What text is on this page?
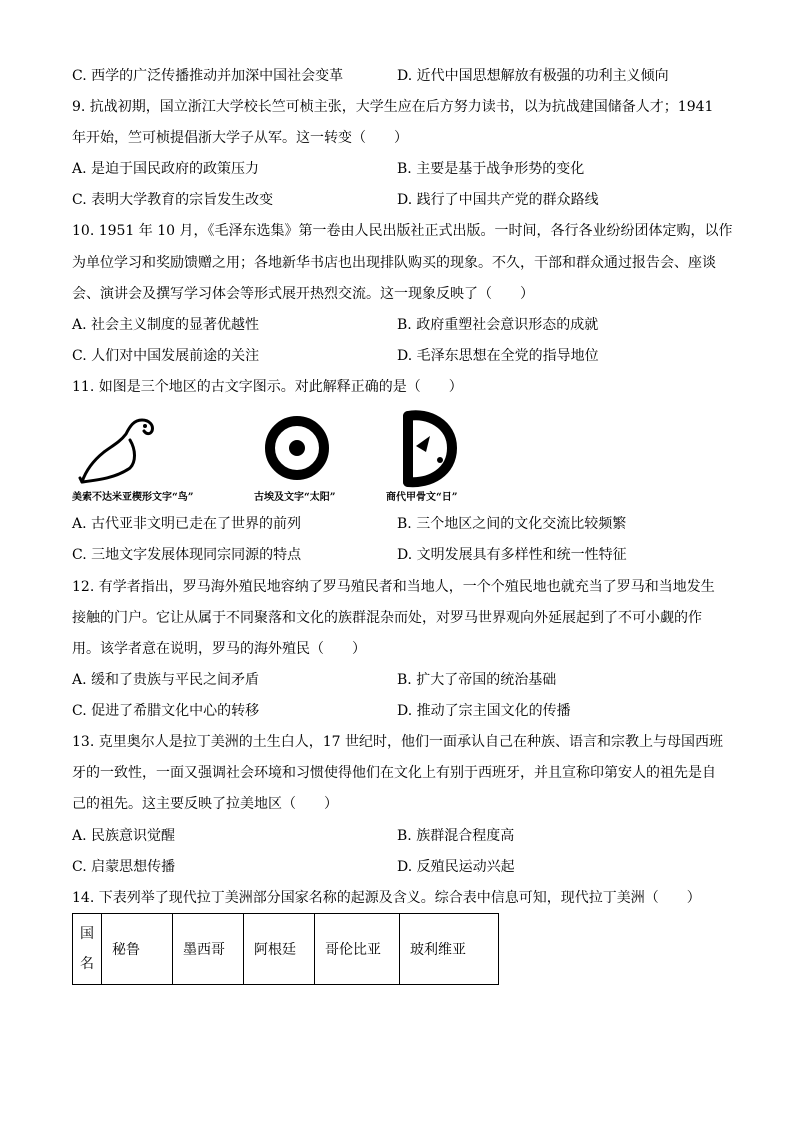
C. 西学的广泛传播推动并加深中国社会变革	D. 近代中国思想解放有极强的功利主义倾向
9. 抗战初期，国立浙江大学校长竺可桢主张，大学生应在后方努力读书，以为抗战建国储备人才；1941
年开始，竺可桢提倡浙大学子从军。这一转变（　　）
A. 是迫于国民政府的政策压力	B. 主要是基于战争形势的变化
C. 表明大学教育的宗旨发生改变	D. 践行了中国共产党的群众路线
10. 1951 年 10 月，《毛泽东选集》第一卷由人民出版社正式出版。一时间，各行各业纷纷团体定购，以作
为单位学习和奖励馈赠之用；各地新华书店也出现排队购买的现象。不久，干部和群众通过报告会、座谈
会、演讲会及撰写学习体会等形式展开热烈交流。这一现象反映了（　　）
A. 社会主义制度的显著优越性	B. 政府重塑社会意识形态的成就
C. 人们对中国发展前途的关注	D. 毛泽东思想在全党的指导地位
11. 如图是三个地区的古文字图示。对此解释正确的是（　　）
美索不达米亚楔形文字“鸟”	古埃及文字“太阳”	商代甲骨文“日”
A. 古代亚非文明已走在了世界的前列	B. 三个地区之间的文化交流比较频繁
C. 三地文字发展体现同宗同源的特点	D. 文明发展具有多样性和统一性特征
12. 有学者指出，罗马海外殖民地容纳了罗马殖民者和当地人，一个个殖民地也就充当了罗马和当地发生
接触的门户。它让从属于不同聚落和文化的族群混杂而处，对罗马世界观向外延展起到了不可小觑的作
用。该学者意在说明，罗马的海外殖民（　　）
A. 缓和了贵族与平民之间矛盾	B. 扩大了帝国的统治基础
C. 促进了希腊文化中心的转移	D. 推动了宗主国文化的传播
13. 克里奥尔人是拉丁美洲的土生白人，17 世纪时，他们一面承认自己在种族、语言和宗教上与母国西班
牙的一致性，一面又强调社会环境和习惯使得他们在文化上有别于西班牙，并且宣称印第安人的祖先是自
己的祖先。这主要反映了拉美地区（　　）
A. 民族意识觉醒	B. 族群混合程度高
C. 启蒙思想传播	D. 反殖民运动兴起
14. 下表列举了现代拉丁美洲部分国家名称的起源及含义。综合表中信息可知，现代拉丁美洲（　　）
国
名
	秘鲁	墨西哥	阿根廷	哥伦比亚	玻利维亚
